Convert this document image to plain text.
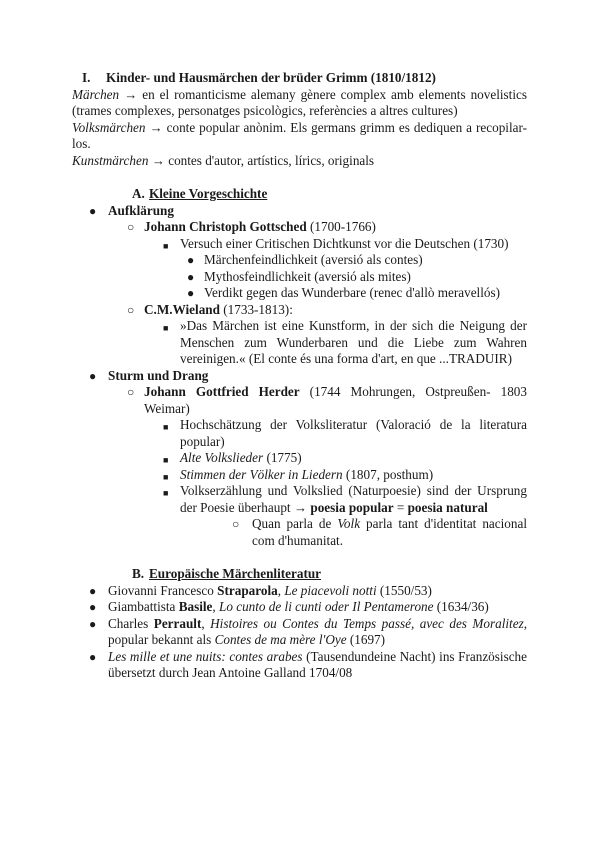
I. Kinder- und Hausmärchen der brüder Grimm (1810/1812)
Märchen → en el romanticisme alemany gènere complex amb elements novelistics (trames complexes, personatges psicològics, referències a altres cultures)
Volksmärchen → conte popular anònim. Els germans grimm es dediquen a recopilar-los.
Kunstmärchen → contes d'autor, artístics, lírics, originals
A. Kleine Vorgeschichte
● Aufklärung
○ Johann Christoph Gottsched (1700-1766)
■ Versuch einer Critischen Dichtkunst vor die Deutschen (1730)
● Märchenfeindlichkeit (aversió als contes)
● Mythosfeindlichkeit (aversió als mites)
● Verdikt gegen das Wunderbare (renec d'allò meravellós)
○ C.M.Wieland (1733-1813):
■ »Das Märchen ist eine Kunstform, in der sich die Neigung der Menschen zum Wunderbaren und die Liebe zum Wahren vereinigen.« (El conte és una forma d'art, en que ...TRADUIR)
● Sturm und Drang
○ Johann Gottfried Herder (1744 Mohrungen, Ostpreußen- 1803 Weimar)
■ Hochschätzung der Volksliteratur (Valoració de la literatura popular)
■ Alte Volkslieder (1775)
■ Stimmen der Völker in Liedern (1807, posthum)
■ Volkserzählung und Volkslied (Naturpoesie) sind der Ursprung der Poesie überhaupt → poesia popular = poesia natural
○ Quan parla de Volk parla tant d'identitat nacional com d'humanitat.
B. Europäische Märchenliteratur
● Giovanni Francesco Straparola, Le piacevoli notti (1550/53)
● Giambattista Basile, Lo cunto de li cunti oder Il Pentamerone (1634/36)
● Charles Perrault, Histoires ou Contes du Temps passé, avec des Moralitez, popular bekannt als Contes de ma mère l'Oye (1697)
● Les mille et une nuits: contes arabes (Tausendundeine Nacht) ins Französische übersetzt durch Jean Antoine Galland 1704/08
